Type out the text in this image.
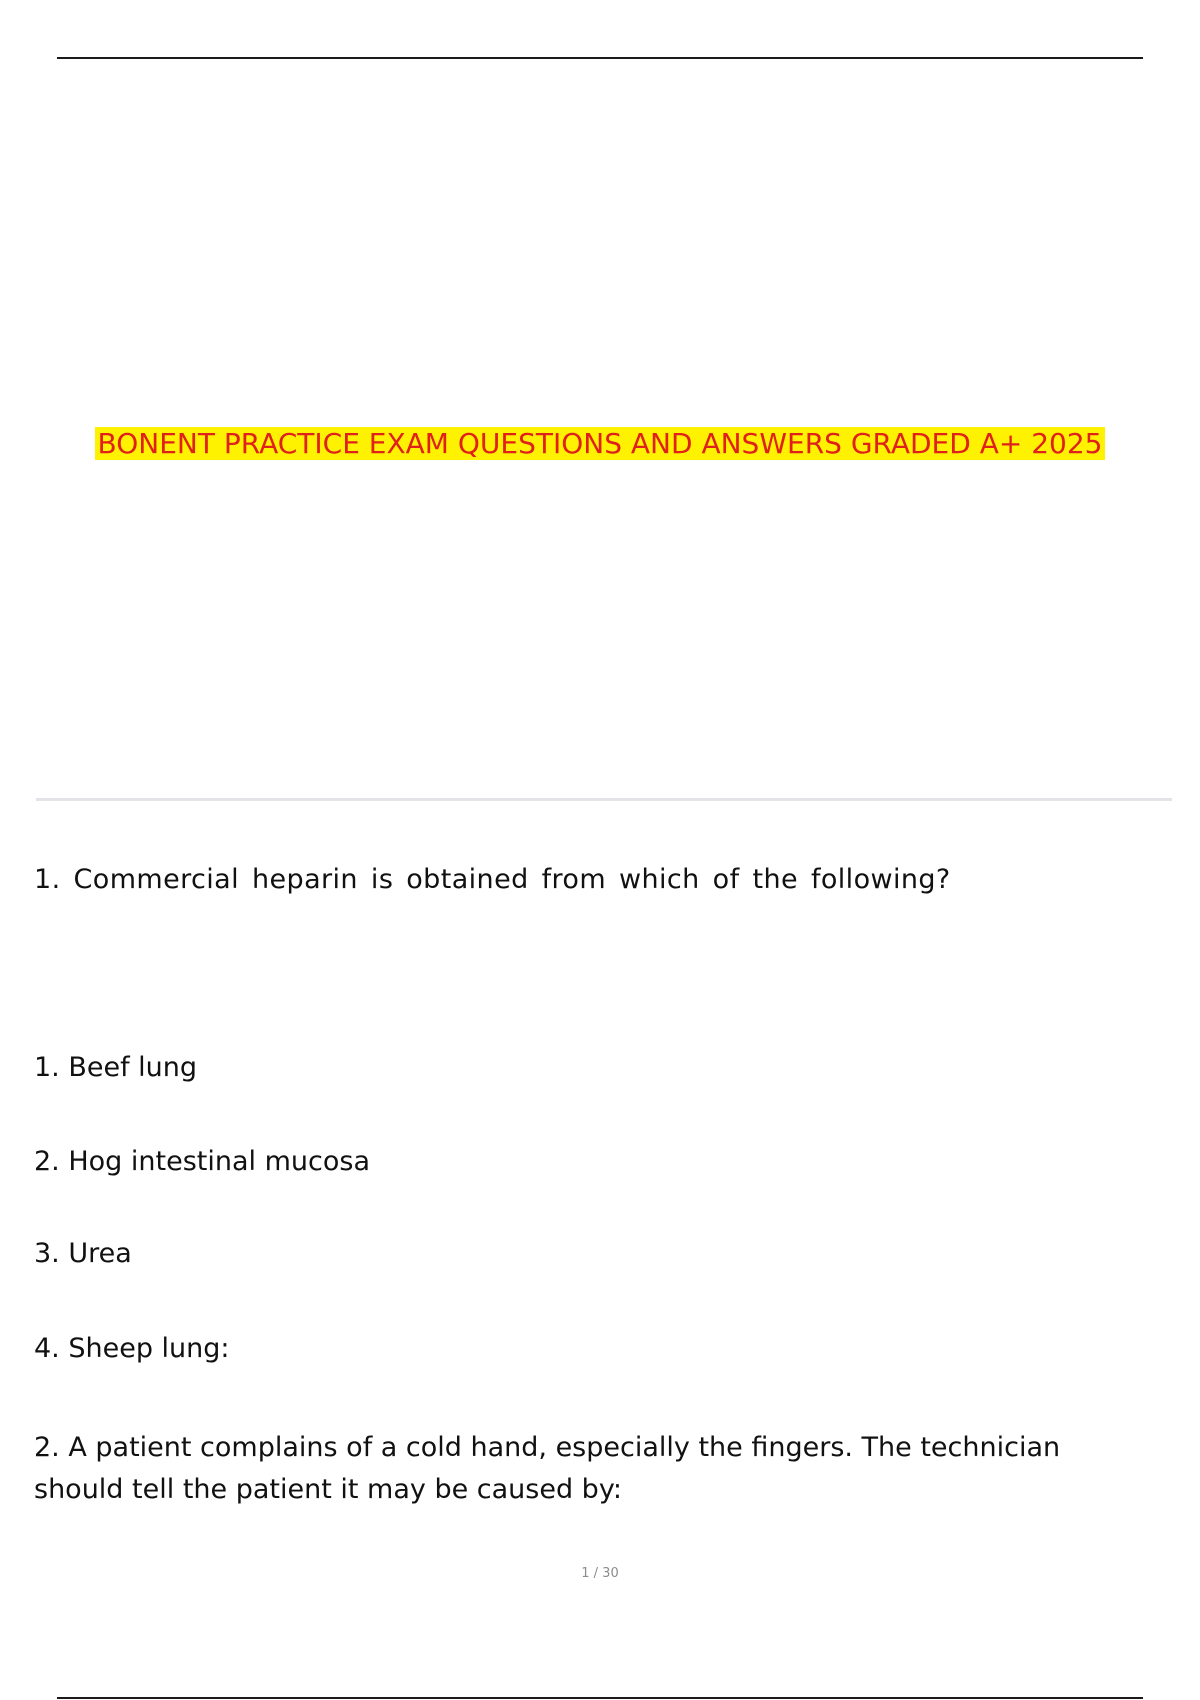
BONENT PRACTICE EXAM QUESTIONS AND ANSWERS GRADED A+ 2025
1. Commercial heparin is obtained from which of the following?
1. Beef lung
2. Hog intestinal mucosa
3. Urea
4. Sheep lung:
2. A patient complains of a cold hand, especially the fingers. The technician should tell the patient it may be caused by:
1 / 30
